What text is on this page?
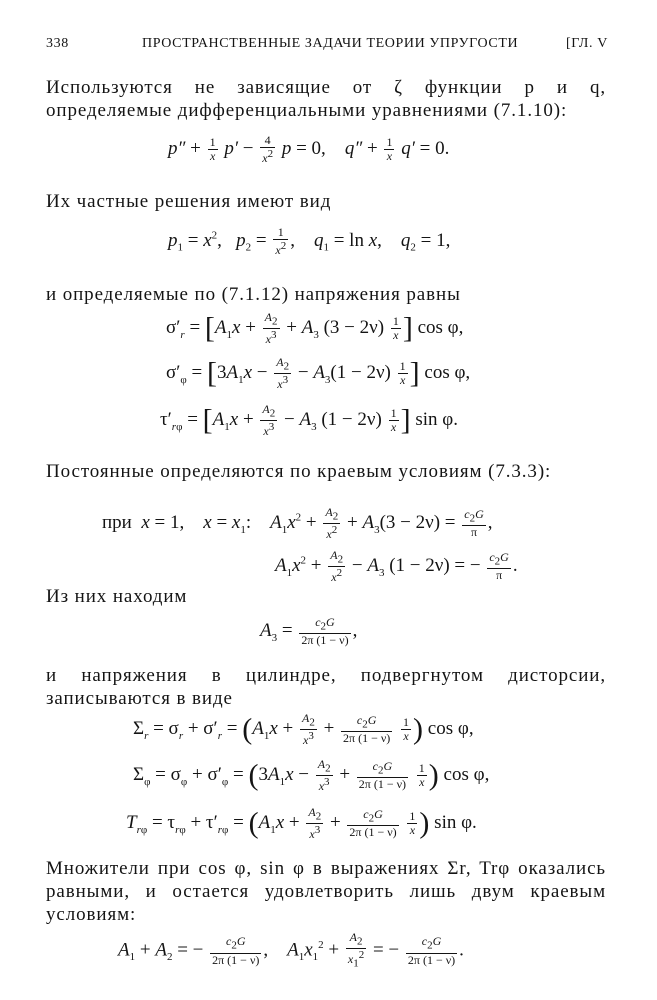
338	ПРОСТРАНСТВЕННЫЕ ЗАДАЧИ ТЕОРИИ УПРУГОСТИ	[ГЛ. V
Используются не зависящие от ζ функции p и q, определяемые дифференциальными уравнениями (7.1.10):
$p'' + \frac{1}{x} p' - \frac{4}{x^2}$ p = 0,    $q'' + \frac{1}{x} q' = 0$.
Их частные решения имеют вид
$p_1 = x^2$,   $p_2 = \frac{1}{x^2}$ ,    $q_1 = \ln x$,    $q_2 = 1$,
и определяемые по (7.1.12) напряжения равны
$\sigma'_r = [A_1x + \frac{A_2}{x^3} + A_3$ $(3 - 2\nu) \frac{1}{x}$ ] cos φ,
$\sigma'_\varphi = [3A_1x - \frac{A_2}{x^3} - A_3(1 - 2\nu) \frac{1}{x}$ ] cos φ,
$\tau'_{r\varphi} = [A_1x + \frac{A_2}{x^3} - A_3$ $(1 - 2\nu) \frac{1}{x}$ ] sin φ.
Постоянные определяются по краевым условиям (7.3.3):
при  x = 1,    $x = x_1$:    $A_1x^2 + \frac{A_2}{x^2} + A_3(3 - 2\nu) = \frac{c_2G}{\pi}$ ,
$A_1x^2 + \frac{A_2}{x^2} - A_3$ (1 − 2ν) = − $\frac{c_2G}{\pi}$ .
Из них находим
$A_3 = \frac{c_2G}{2\pi (1 - \nu)}$ ,
и напряжения в цилиндре, подвергнутом дисторсии, записываются в виде
$\Sigma_r = \sigma_r + \sigma'_r = (A_1x + \frac{A_2}{x^3} + \frac{c_2G}{2\pi (1 - \nu)}$
$\frac{1}{x}$ ) cos φ,
$\Sigma_\varphi = \sigma_\varphi + \sigma'_\varphi = (3A_1x - \frac{A_2}{x^3} + \frac{c_2G}{2\pi (1 - \nu)}$
$\frac{1}{x}$ ) cos φ,
$T_{r\varphi} = \tau_{r\varphi} + \tau'_{r\varphi} = (A_1x + \frac{A_2}{x^3} + \frac{c_2G}{2\pi (1 - \nu)}$
$\frac{1}{x}$ ) sin φ.
Множители при cos φ, sin φ в выражениях Σr, Trφ оказались равными, и остается удовлетворить лишь двум краевым условиям:
$A_1 + A_2$ = − $\frac{c_2G}{2\pi (1 - \nu)}$ ,    $A_1x_1^2 + \frac{A_2}{x_1^2}$ = − $\frac{c_2G}{2\pi (1 - \nu)}$ .
